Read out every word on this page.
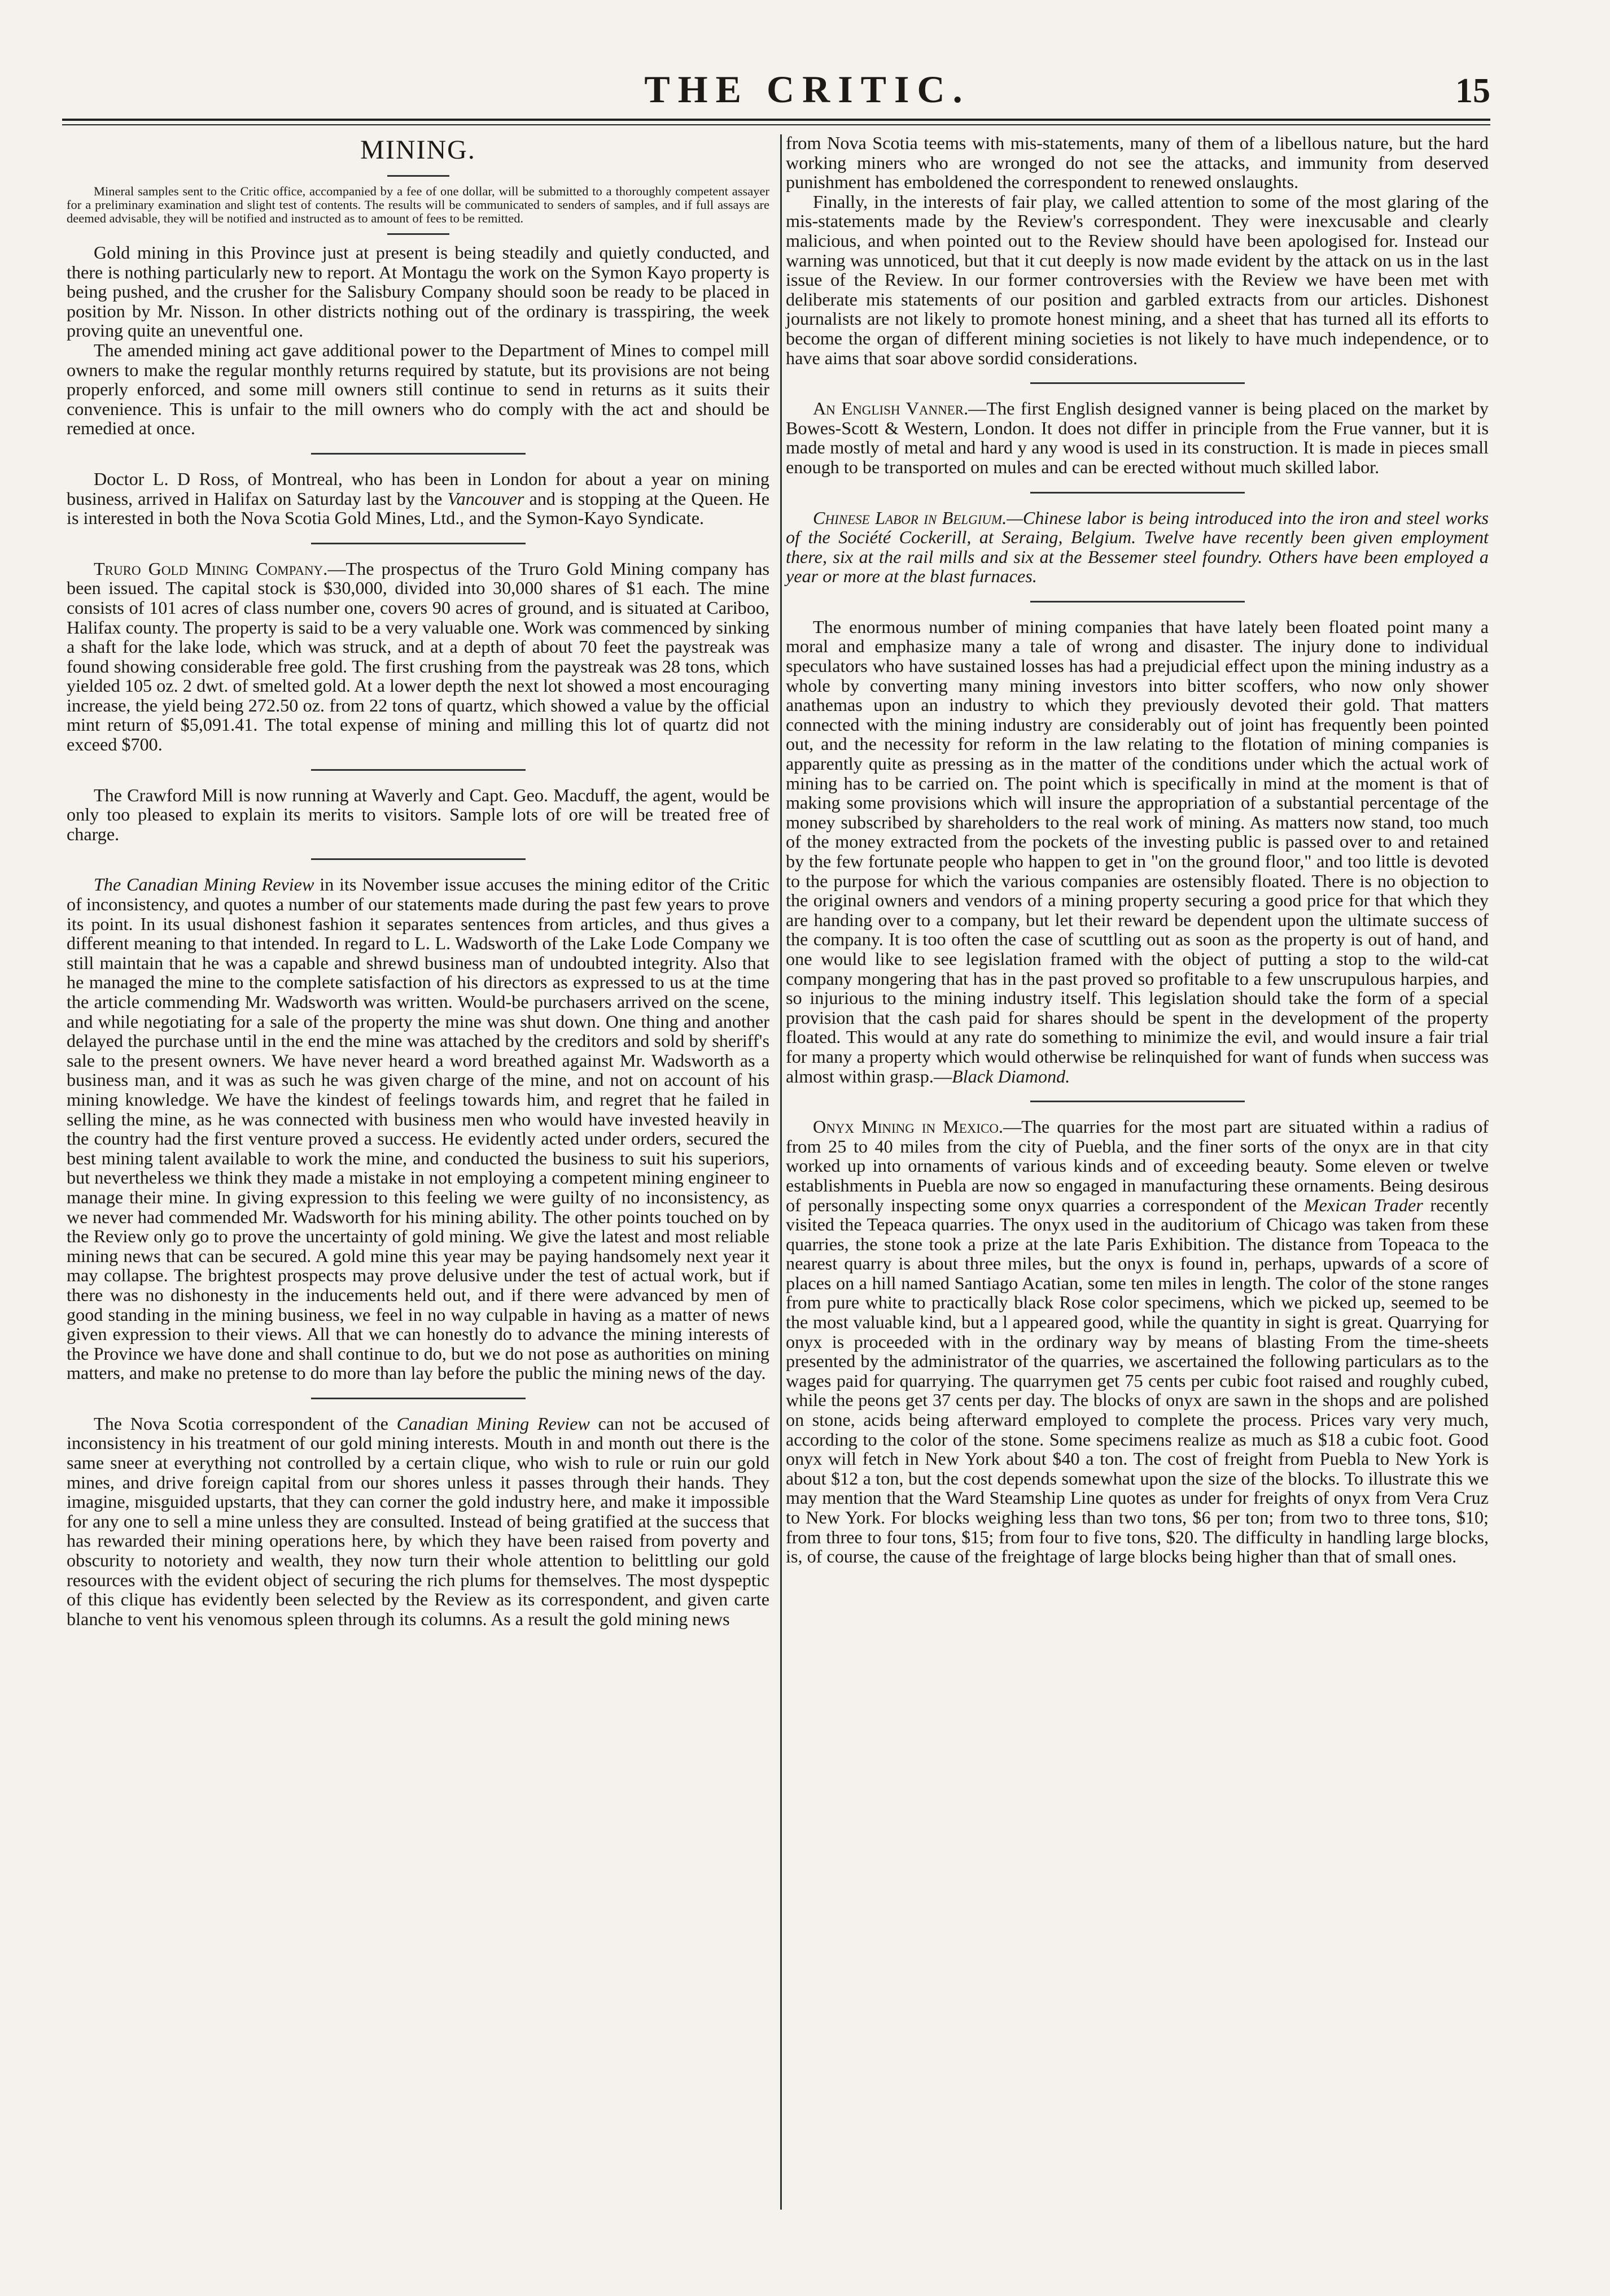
THE CRITIC.	15
MINING.

Mineral samples sent to the Critic office, accompanied by a fee of one dollar, will be submitted to a thoroughly competent assayer for a preliminary examination and slight test of contents. The results will be communicated to senders of samples, and if full assays are deemed advisable, they will be notified and instructed as to amount of fees to be remitted.

Gold mining in this Province just at present is being steadily and quietly conducted, and there is nothing particularly new to report. At Montagu the work on the Symon Kayo property is being pushed, and the crusher for the Salisbury Company should soon be ready to be placed in position by Mr. Nisson. In other districts nothing out of the ordinary is trasspiring, the week proving quite an uneventful one.

The amended mining act gave additional power to the Department of Mines to compel mill owners to make the regular monthly returns required by statute, but its provisions are not being properly enforced, and some mill owners still continue to send in returns as it suits their convenience. This is unfair to the mill owners who do comply with the act and should be remedied at once.

Doctor L. D Ross, of Montreal, who has been in London for about a year on mining business, arrived in Halifax on Saturday last by the Vancouver and is stopping at the Queen. He is interested in both the Nova Scotia Gold Mines, Ltd., and the Symon-Kayo Syndicate.

Truro Gold Mining Company.—The prospectus of the Truro Gold Mining company has been issued. The capital stock is $30,000, divided into 30,000 shares of $1 each. The mine consists of 101 acres of class number one, covers 90 acres of ground, and is situated at Cariboo, Halifax county. The property is said to be a very valuable one. Work was commenced by sinking a shaft for the lake lode, which was struck, and at a depth of about 70 feet the paystreak was found showing considerable free gold. The first crushing from the paystreak was 28 tons, which yielded 105 oz. 2 dwt. of smelted gold. At a lower depth the next lot showed a most encouraging increase, the yield being 272.50 oz. from 22 tons of quartz, which showed a value by the official mint return of $5,091.41. The total expense of mining and milling this lot of quartz did not exceed $700.

The Crawford Mill is now running at Waverly and Capt. Geo. Macduff, the agent, would be only too pleased to explain its merits to visitors. Sample lots of ore will be treated free of charge.

The Canadian Mining Review in its November issue accuses the mining editor of the Critic of inconsistency, and quotes a number of our statements made during the past few years to prove its point. In its usual dishonest fashion it separates sentences from articles, and thus gives a different meaning to that intended. In regard to L. L. Wadsworth of the Lake Lode Company we still maintain that he was a capable and shrewd business man of undoubted integrity. Also that he managed the mine to the complete satisfaction of his directors as expressed to us at the time the article commending Mr. Wadsworth was written. Would-be purchasers arrived on the scene, and while negotiating for a sale of the property the mine was shut down. One thing and another delayed the purchase until in the end the mine was attached by the creditors and sold by sheriff's sale to the present owners. We have never heard a word breathed against Mr. Wadsworth as a business man, and it was as such he was given charge of the mine, and not on account of his mining knowledge. We have the kindest of feelings towards him, and regret that he failed in selling the mine, as he was connected with business men who would have invested heavily in the country had the first venture proved a success. He evidently acted under orders, secured the best mining talent available to work the mine, and conducted the business to suit his superiors, but nevertheless we think they made a mistake in not employing a competent mining engineer to manage their mine. In giving expression to this feeling we were guilty of no inconsistency, as we never had commended Mr. Wadsworth for his mining ability. The other points touched on by the Review only go to prove the uncertainty of gold mining. We give the latest and most reliable mining news that can be secured. A gold mine this year may be paying handsomely next year it may collapse. The brightest prospects may prove delusive under the test of actual work, but if there was no dishonesty in the inducements held out, and if there were advanced by men of good standing in the mining business, we feel in no way culpable in having as a matter of news given expression to their views. All that we can honestly do to advance the mining interests of the Province we have done and shall continue to do, but we do not pose as authorities on mining matters, and make no pretense to do more than lay before the public the mining news of the day.

The Nova Scotia correspondent of the Canadian Mining Review can not be accused of inconsistency in his treatment of our gold mining interests. Mouth in and month out there is the same sneer at everything not controlled by a certain clique, who wish to rule or ruin our gold mines, and drive foreign capital from our shores unless it passes through their hands. They imagine, misguided upstarts, that they can corner the gold industry here, and make it impossible for any one to sell a mine unless they are consulted. Instead of being gratified at the success that has rewarded their mining operations here, by which they have been raised from poverty and obscurity to notoriety and wealth, they now turn their whole attention to belittling our gold resources with the evident object of securing the rich plums for themselves. The most dyspeptic of this clique has evidently been selected by the Review as its correspondent, and given carte blanche to vent his venomous spleen through its columns. As a result the gold mining news

from Nova Scotia teems with mis-statements, many of them of a libellous nature, but the hard working miners who are wronged do not see the attacks, and immunity from deserved punishment has emboldened the correspondent to renewed onslaughts.

Finally, in the interests of fair play, we called attention to some of the most glaring of the mis-statements made by the Review's correspondent. They were inexcusable and clearly malicious, and when pointed out to the Review should have been apologised for. Instead our warning was unnoticed, but that it cut deeply is now made evident by the attack on us in the last issue of the Review. In our former controversies with the Review we have been met with deliberate mis statements of our position and garbled extracts from our articles. Dishonest journalists are not likely to promote honest mining, and a sheet that has turned all its efforts to become the organ of different mining societies is not likely to have much independence, or to have aims that soar above sordid considerations.

An English Vanner.—The first English designed vanner is being placed on the market by Bowes-Scott & Western, London. It does not differ in principle from the Frue vanner, but it is made mostly of metal and hard y any wood is used in its construction. It is made in pieces small enough to be transported on mules and can be erected without much skilled labor.

Chinese Labor in Belgium.—Chinese labor is being introduced into the iron and steel works of the Société Cockerill, at Seraing, Belgium. Twelve have recently been given employment there, six at the rail mills and six at the Bessemer steel foundry. Others have been employed a year or more at the blast furnaces.

The enormous number of mining companies that have lately been floated point many a moral and emphasize many a tale of wrong and disaster. The injury done to individual speculators who have sustained losses has had a prejudicial effect upon the mining industry as a whole by converting many mining investors into bitter scoffers, who now only shower anathemas upon an industry to which they previously devoted their gold. That matters connected with the mining industry are considerably out of joint has frequently been pointed out, and the necessity for reform in the law relating to the flotation of mining companies is apparently quite as pressing as in the matter of the conditions under which the actual work of mining has to be carried on. The point which is specifically in mind at the moment is that of making some provisions which will insure the appropriation of a substantial percentage of the money subscribed by shareholders to the real work of mining. As matters now stand, too much of the money extracted from the pockets of the investing public is passed over to and retained by the few fortunate people who happen to get in "on the ground floor," and too little is devoted to the purpose for which the various companies are ostensibly floated. There is no objection to the original owners and vendors of a mining property securing a good price for that which they are handing over to a company, but let their reward be dependent upon the ultimate success of the company. It is too often the case of scuttling out as soon as the property is out of hand, and one would like to see legislation framed with the object of putting a stop to the wild-cat company mongering that has in the past proved so profitable to a few unscrupulous harpies, and so injurious to the mining industry itself. This legislation should take the form of a special provision that the cash paid for shares should be spent in the development of the property floated. This would at any rate do something to minimize the evil, and would insure a fair trial for many a property which would otherwise be relinquished for want of funds when success was almost within grasp.—Black Diamond.

Onyx Mining in Mexico.—The quarries for the most part are situated within a radius of from 25 to 40 miles from the city of Puebla, and the finer sorts of the onyx are in that city worked up into ornaments of various kinds and of exceeding beauty. Some eleven or twelve establishments in Puebla are now so engaged in manufacturing these ornaments. Being desirous of personally inspecting some onyx quarries a correspondent of the Mexican Trader recently visited the Tepeaca quarries. The onyx used in the auditorium of Chicago was taken from these quarries, the stone took a prize at the late Paris Exhibition. The distance from Topeaca to the nearest quarry is about three miles, but the onyx is found in, perhaps, upwards of a score of places on a hill named Santiago Acatian, some ten miles in length. The color of the stone ranges from pure white to practically black Rose color specimens, which we picked up, seemed to be the most valuable kind, but a l appeared good, while the quantity in sight is great. Quarrying for onyx is proceeded with in the ordinary way by means of blasting From the time-sheets presented by the administrator of the quarries, we ascertained the following particulars as to the wages paid for quarrying. The quarrymen get 75 cents per cubic foot raised and roughly cubed, while the peons get 37 cents per day. The blocks of onyx are sawn in the shops and are polished on stone, acids being afterward employed to complete the process. Prices vary very much, according to the color of the stone. Some specimens realize as much as $18 a cubic foot. Good onyx will fetch in New York about $40 a ton. The cost of freight from Puebla to New York is about $12 a ton, but the cost depends somewhat upon the size of the blocks. To illustrate this we may mention that the Ward Steamship Line quotes as under for freights of onyx from Vera Cruz to New York. For blocks weighing less than two tons, $6 per ton; from two to three tons, $10; from three to four tons, $15; from four to five tons, $20. The difficulty in handling large blocks, is, of course, the cause of the freightage of large blocks being higher than that of small ones.
